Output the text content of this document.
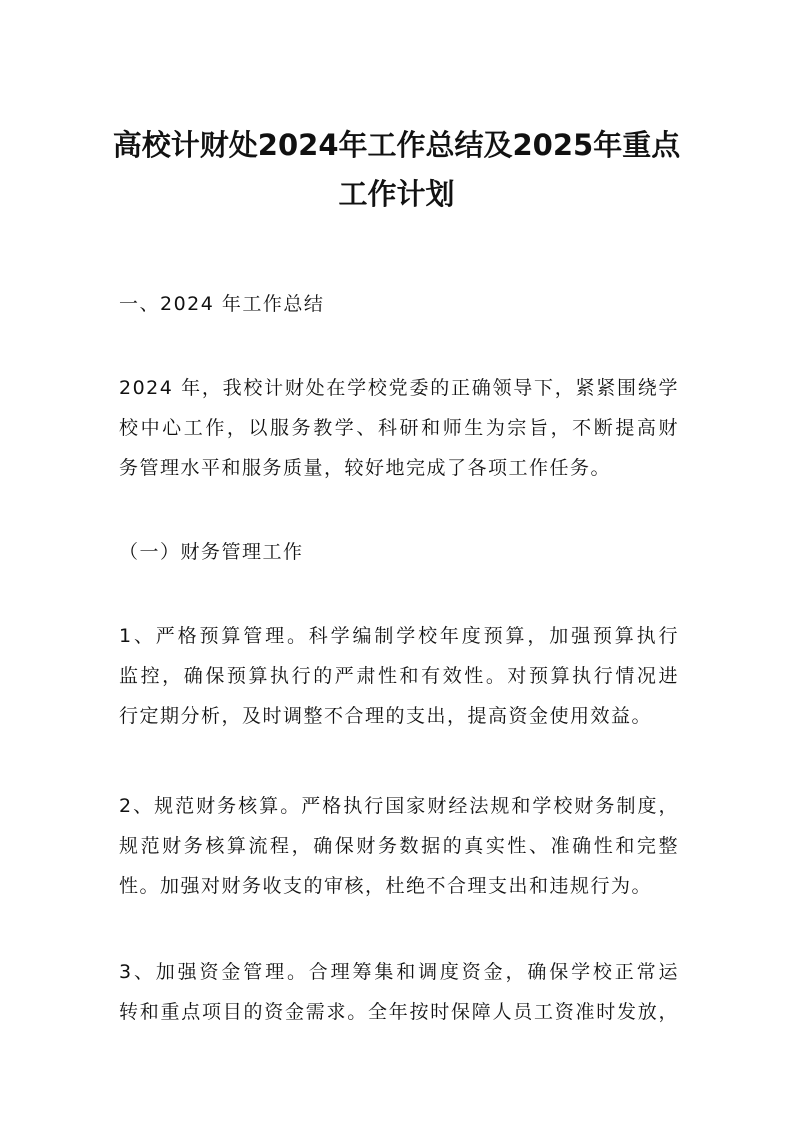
高校计财处2024年工作总结及2025年重点
工作计划
一、2024 年工作总结
2024 年，我校计财处在学校党委的正确领导下，紧紧围绕学
校中心工作，以服务教学、科研和师生为宗旨，不断提高财
务管理水平和服务质量，较好地完成了各项工作任务。
（一）财务管理工作
1、严格预算管理。科学编制学校年度预算，加强预算执行
监控，确保预算执行的严肃性和有效性。对预算执行情况进
行定期分析，及时调整不合理的支出，提高资金使用效益。
2、规范财务核算。严格执行国家财经法规和学校财务制度，
规范财务核算流程，确保财务数据的真实性、准确性和完整
性。加强对财务收支的审核，杜绝不合理支出和违规行为。
3、加强资金管理。合理筹集和调度资金，确保学校正常运
转和重点项目的资金需求。全年按时保障人员工资准时发放，
